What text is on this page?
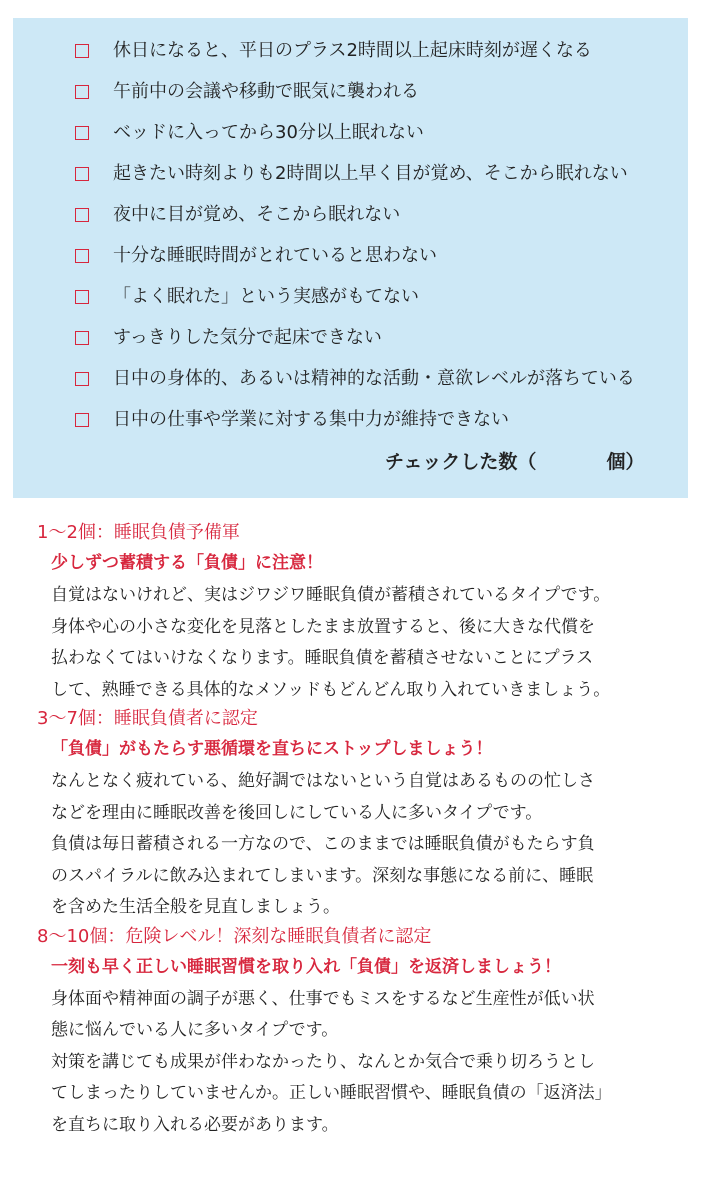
休日になると、平日のプラス2時間以上起床時刻が遅くなる
午前中の会議や移動で眠気に襲われる
ベッドに入ってから30分以上眠れない
起きたい時刻よりも2時間以上早く目が覚め、そこから眠れない
夜中に目が覚め、そこから眠れない
十分な睡眠時間がとれていると思わない
「よく眠れた」という実感がもてない
すっきりした気分で起床できない
日中の身体的、あるいは精神的な活動・意欲レベルが落ちている
日中の仕事や学業に対する集中力が維持できない
チェックした数（	個）
1～2個：睡眠負債予備軍
少しずつ蓄積する「負債」に注意！

自覚はないけれど、実はジワジワ睡眠負債が蓄積されているタイプです。

身体や心の小さな変化を見落としたまま放置すると、後に大きな代償を

払わなくてはいけなくなります。睡眠負債を蓄積させないことにプラス

して、熟睡できる具体的なメソッドもどんどん取り入れていきましょう。

3～7個：睡眠負債者に認定
「負債」がもたらす悪循環を直ちにストップしましょう！

なんとなく疲れている、絶好調ではないという自覚はあるものの忙しさ

などを理由に睡眠改善を後回しにしている人に多いタイプです。

負債は毎日蓄積される一方なので、このままでは睡眠負債がもたらす負

のスパイラルに飲み込まれてしまいます。深刻な事態になる前に、睡眠

を含めた生活全般を見直しましょう。

8～10個：危険レベル！深刻な睡眠負債者に認定
一刻も早く正しい睡眠習慣を取り入れ「負債」を返済しましょう！

身体面や精神面の調子が悪く、仕事でもミスをするなど生産性が低い状

態に悩んでいる人に多いタイプです。

対策を講じても成果が伴わなかったり、なんとか気合で乗り切ろうとし

てしまったりしていませんか。正しい睡眠習慣や、睡眠負債の「返済法」

を直ちに取り入れる必要があります。
